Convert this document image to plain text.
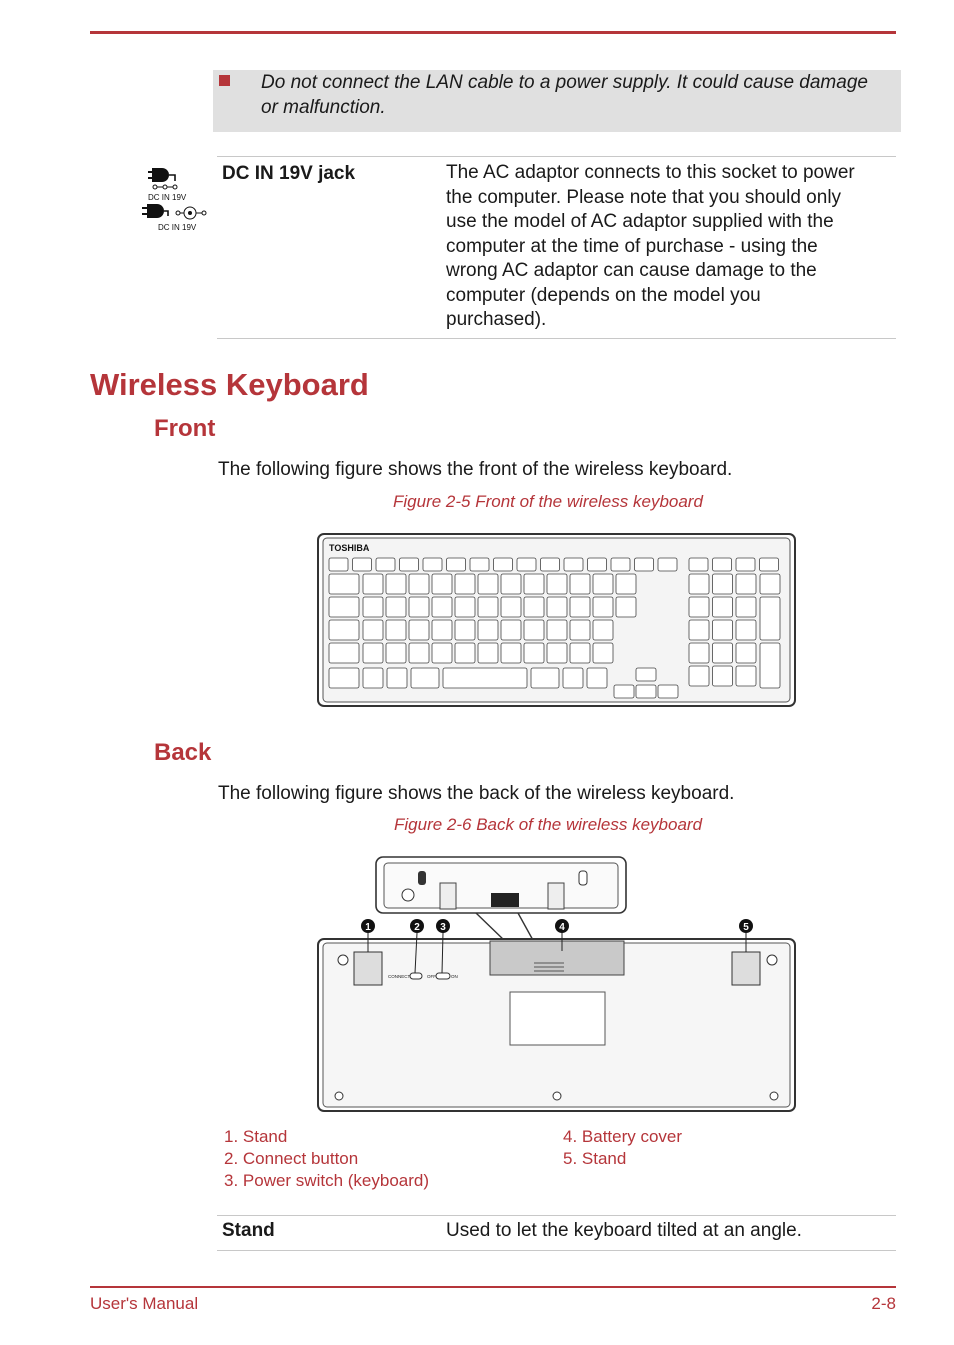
Do not connect the LAN cable to a power supply. It could cause damage or malfunction.
DC IN 19V
DC IN 19V
DC IN 19V jack	The AC adaptor connects to this socket to power
the computer. Please note that you should only
use the model of AC adaptor supplied with the
computer at the time of purchase - using the
wrong AC adaptor can cause damage to the
computer (depends on the model you
purchased).
Wireless Keyboard
Front
The following figure shows the front of the wireless keyboard.
Figure 2-5 Front of the wireless keyboard
TOSHIBA
Back
The following figure shows the back of the wireless keyboard.
Figure 2-6 Back of the wireless keyboard
CONNECT	OFF	ON
1	2 3	4	5
1. Stand
2. Connect button
3. Power switch (keyboard)
4. Battery cover
5. Stand
Stand	Used to let the keyboard tilted at an angle.
User's Manual	2-8
